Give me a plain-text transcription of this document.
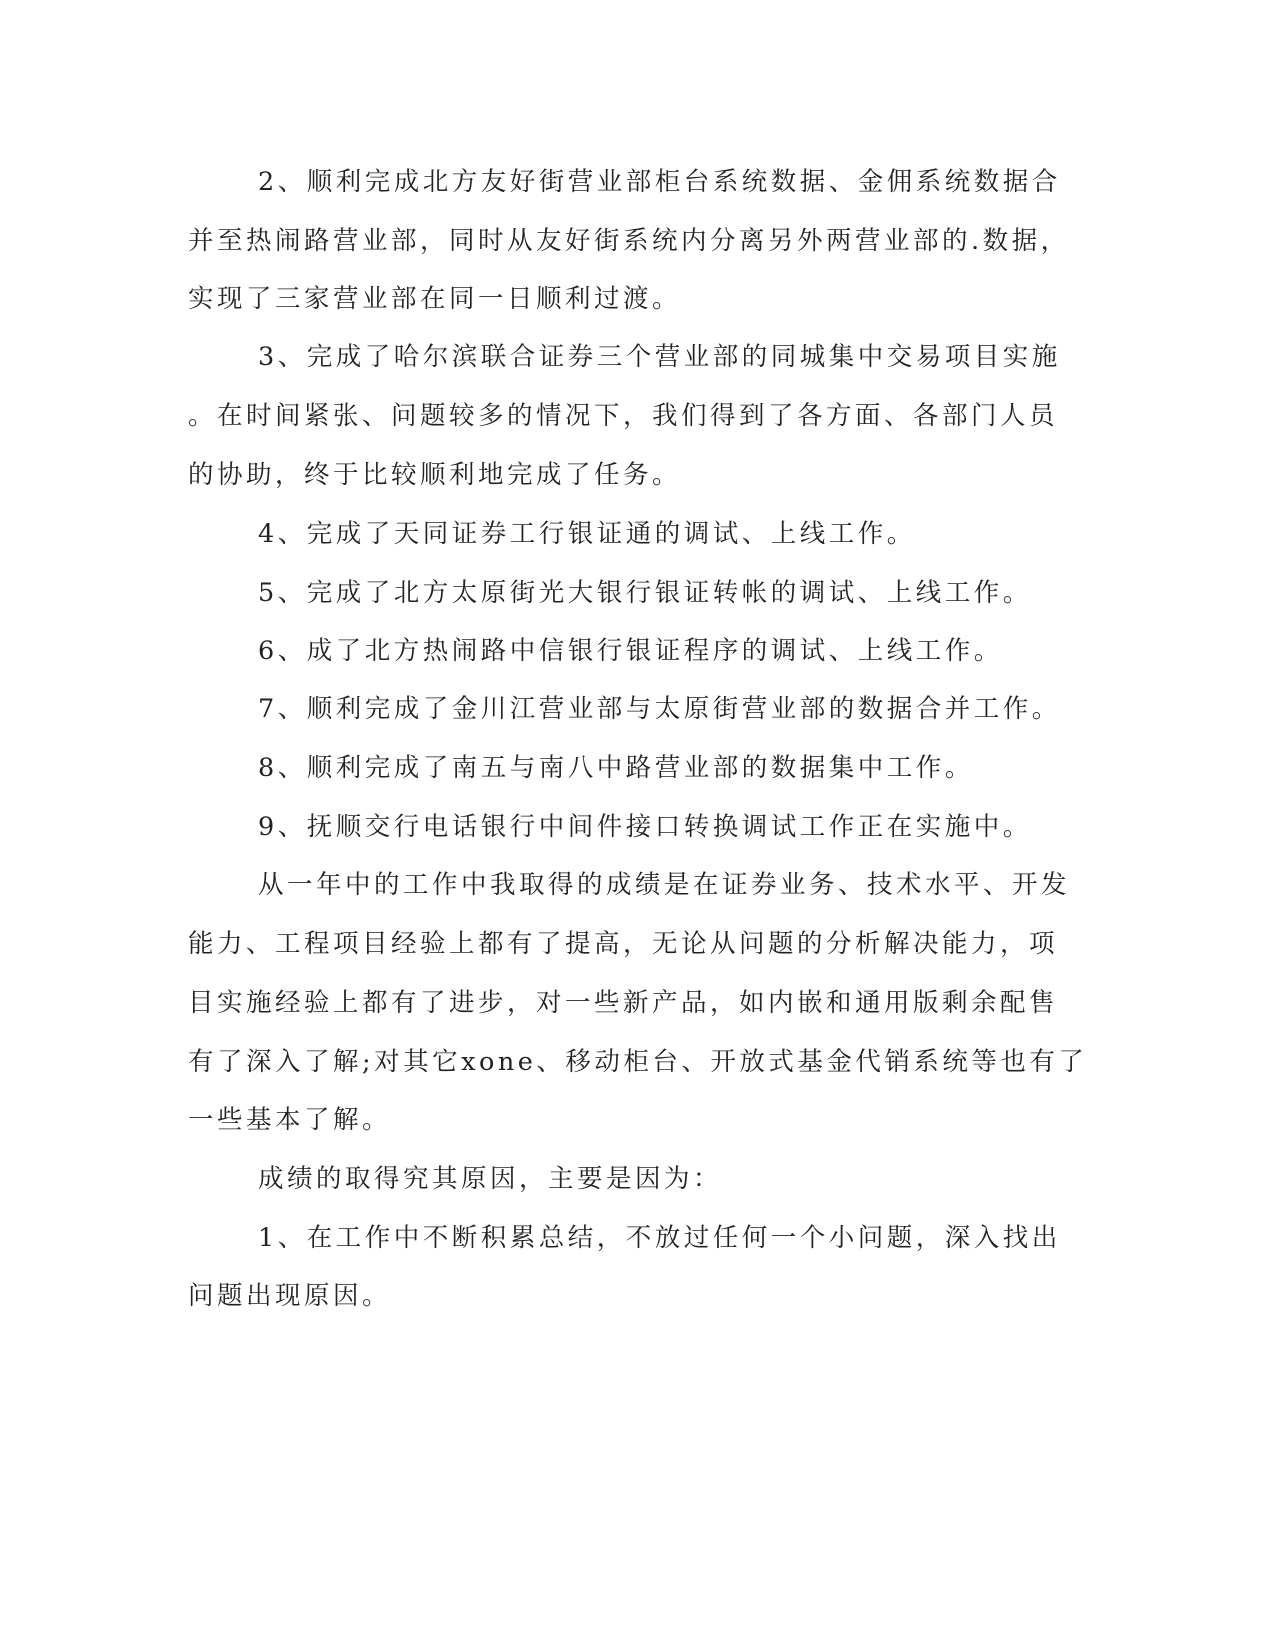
2、顺利完成北方友好街营业部柜台系统数据、金佣系统数据合
并至热闹路营业部，同时从友好街系统内分离另外两营业部的.数据，
实现了三家营业部在同一日顺利过渡。
3、完成了哈尔滨联合证券三个营业部的同城集中交易项目实施
。在时间紧张、问题较多的情况下，我们得到了各方面、各部门人员
的协助，终于比较顺利地完成了任务。
4、完成了天同证券工行银证通的调试、上线工作。
5、完成了北方太原街光大银行银证转帐的调试、上线工作。
6、成了北方热闹路中信银行银证程序的调试、上线工作。
7、顺利完成了金川江营业部与太原街营业部的数据合并工作。
8、顺利完成了南五与南八中路营业部的数据集中工作。
9、抚顺交行电话银行中间件接口转换调试工作正在实施中。
从一年中的工作中我取得的成绩是在证券业务、技术水平、开发
能力、工程项目经验上都有了提高，无论从问题的分析解决能力，项
目实施经验上都有了进步，对一些新产品，如内嵌和通用版剩余配售
有了深入了解;对其它xone、移动柜台、开放式基金代销系统等也有了
一些基本了解。
成绩的取得究其原因，主要是因为：
1、在工作中不断积累总结，不放过任何一个小问题，深入找出
问题出现原因。
